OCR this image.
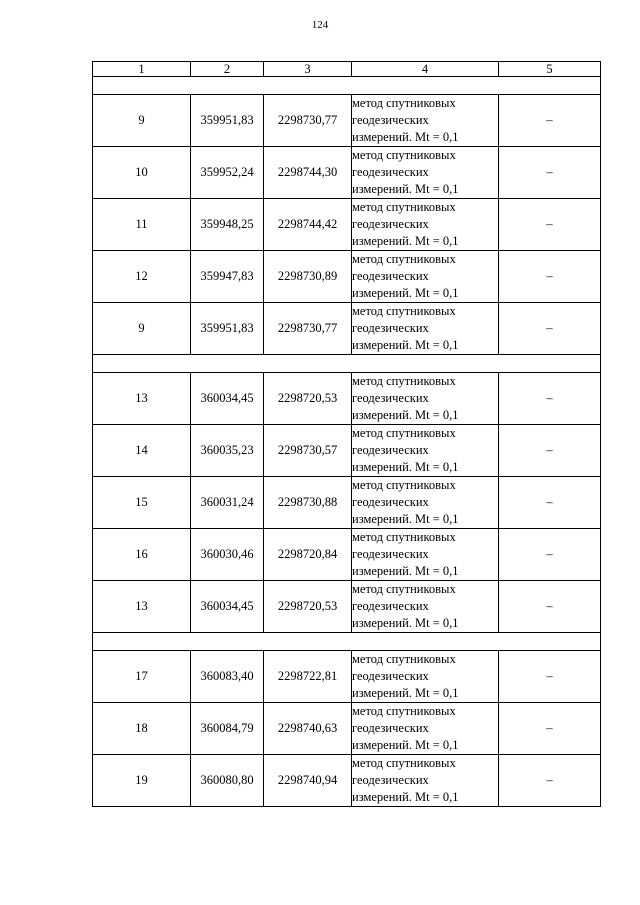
124
1	2	3	4	5

9	359951,83	2298730,77	метод спутниковых
геодезических
измерений. Mt = 0,1	–
10	359952,24	2298744,30	метод спутниковых
геодезических
измерений. Mt = 0,1	–
11	359948,25	2298744,42	метод спутниковых
геодезических
измерений. Mt = 0,1	–
12	359947,83	2298730,89	метод спутниковых
геодезических
измерений. Mt = 0,1	–
9	359951,83	2298730,77	метод спутниковых
геодезических
измерений. Mt = 0,1	–

13	360034,45	2298720,53	метод спутниковых
геодезических
измерений. Mt = 0,1	–
14	360035,23	2298730,57	метод спутниковых
геодезических
измерений. Mt = 0,1	–
15	360031,24	2298730,88	метод спутниковых
геодезических
измерений. Mt = 0,1	–
16	360030,46	2298720,84	метод спутниковых
геодезических
измерений. Mt = 0,1	–
13	360034,45	2298720,53	метод спутниковых
геодезических
измерений. Mt = 0,1	–

17	360083,40	2298722,81	метод спутниковых
геодезических
измерений. Mt = 0,1	–
18	360084,79	2298740,63	метод спутниковых
геодезических
измерений. Mt = 0,1	–
19	360080,80	2298740,94	метод спутниковых
геодезических
измерений. Mt = 0,1	–
